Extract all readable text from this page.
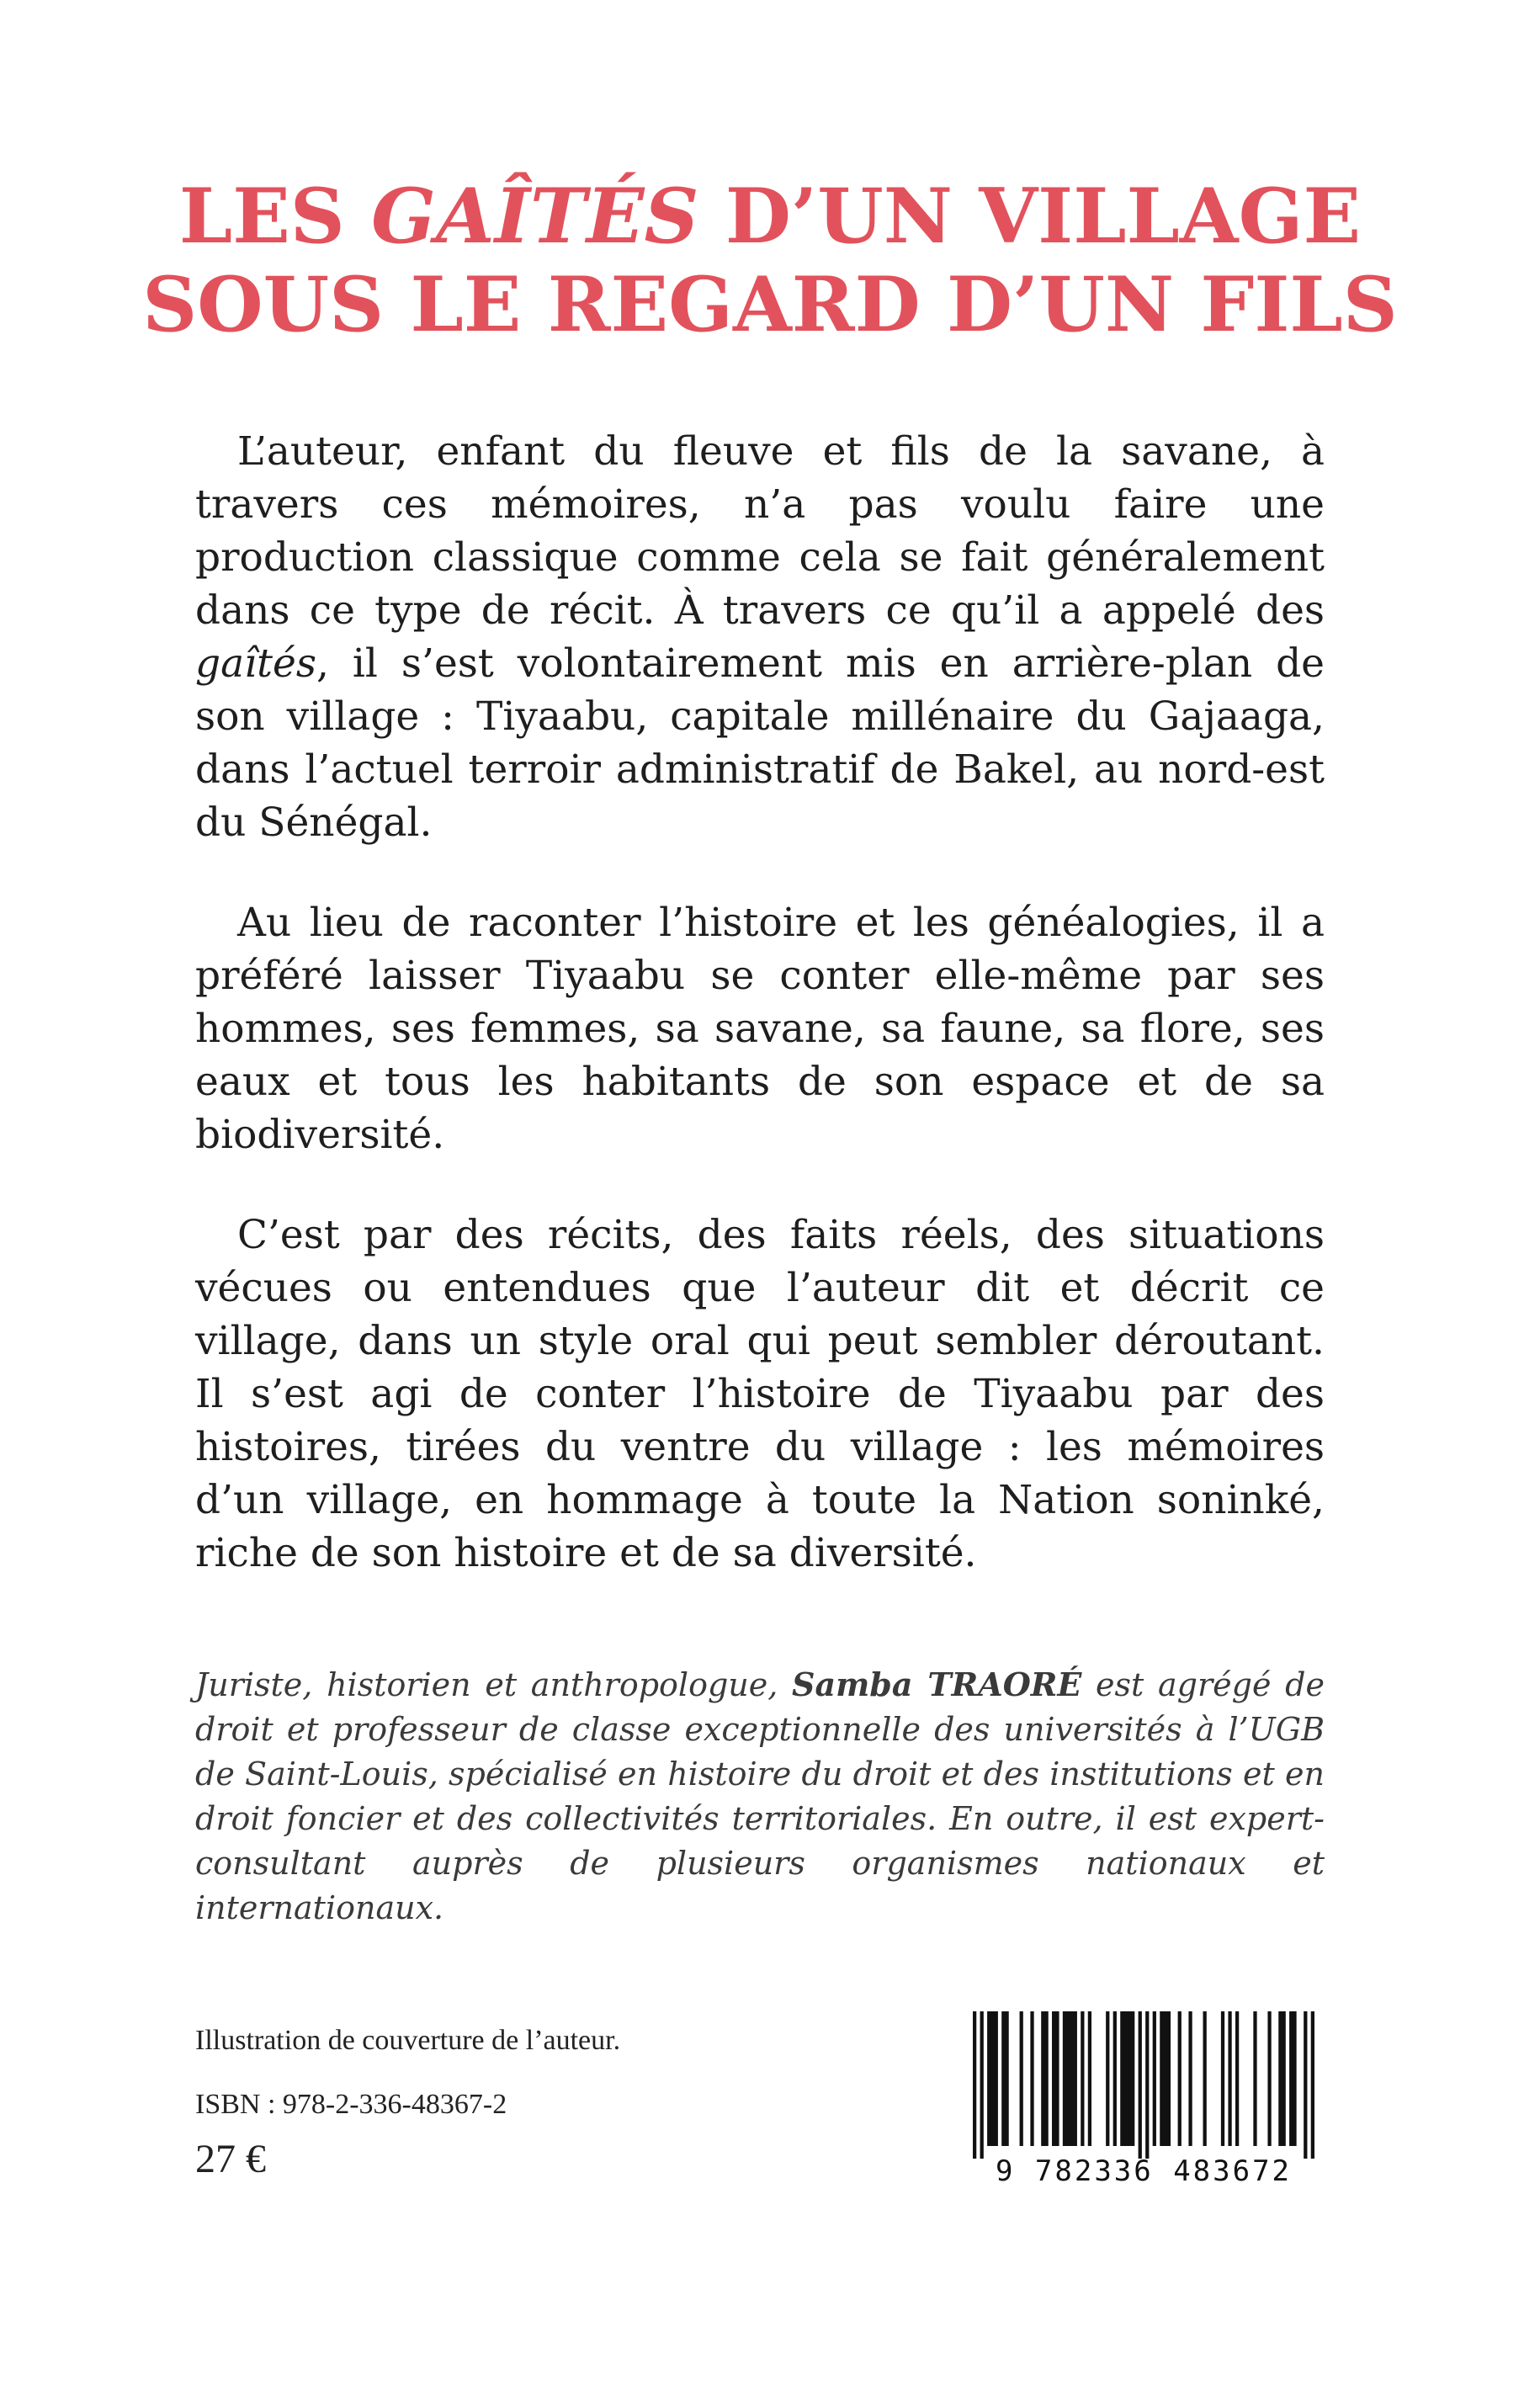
LES GAÎTÉS D’UN VILLAGE
SOUS LE REGARD D’UN FILS

L’auteur, enfant du fleuve et fils de la savane, à travers ces mémoires, n’a pas voulu faire une production classique comme cela se fait généralement dans ce type de récit. À travers ce qu’il a appelé des gaîtés, il s’est volontairement mis en arrière-plan de son village : Tiyaabu, capitale millénaire du Gajaaga, dans l’actuel terroir administratif de Bakel, au nord-est du Sénégal.

Au lieu de raconter l’histoire et les généalogies, il a préféré laisser Tiyaabu se conter elle-même par ses hommes, ses femmes, sa savane, sa faune, sa flore, ses eaux et tous les habitants de son espace et de sa biodiversité.

C’est par des récits, des faits réels, des situations vécues ou entendues que l’auteur dit et décrit ce village, dans un style oral qui peut sembler déroutant. Il s’est agi de conter l’histoire de Tiyaabu par des histoires, tirées du ventre du village : les mémoires d’un village, en hommage à toute la Nation soninké, riche de son histoire et de sa diversité.

Juriste, historien et anthropologue, Samba TRAORÉ est agrégé de droit et professeur de classe exceptionnelle des universités à l’UGB de Saint-Louis, spécialisé en histoire du droit et des institutions et en droit foncier et des collectivités territoriales. En outre, il est expert-consultant auprès de plusieurs organismes nationaux et internationaux.

Illustration de couverture de l’auteur.
ISBN : 978-2-336-48367-2
27 €	9 782336 483672
